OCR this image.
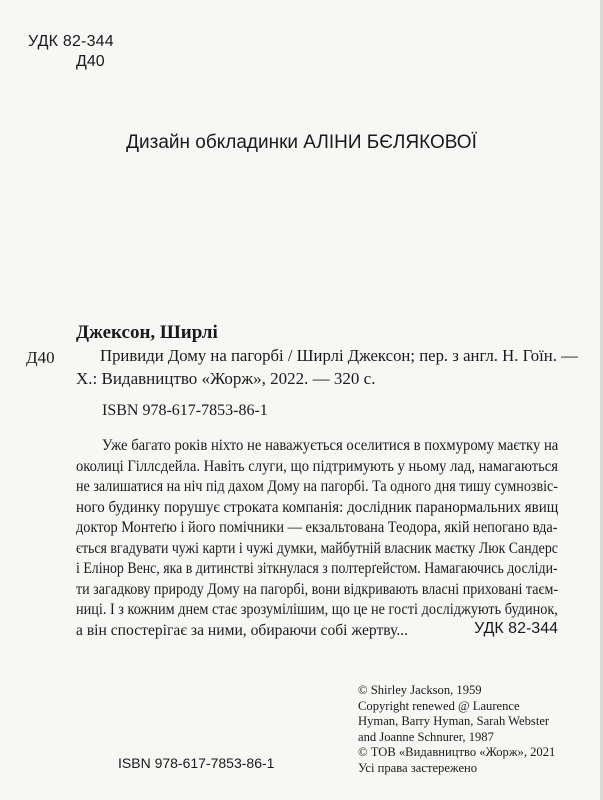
УДК 82-344
Д40
Дизайн обкладинки АЛІНИ БЄЛЯКОВОЇ
Джексон, Ширлі
Д40	Привиди Дому на пагорбі / Ширлі Джексон; пер. з англ. Н. Гоїн. —
Х.: Видавництво «Жорж», 2022. — 320 с.
ISBN 978-617-7853-86-1
Уже багато років ніхто не наважується оселитися в похмурому маєтку на
околиці Гіллсдейла. Навіть слуги, що підтримують у ньому лад, намагаються
не залишатися на ніч під дахом Дому на пагорбі. Та одного дня тишу сумнозвіс-
ного будинку порушує строката компанія: дослідник паранормальних явищ
доктор Монтеґю і його помічники — екзальтована Теодора, якій непогано вда-
ється вгадувати чужі карти і чужі думки, майбутній власник маєтку Люк Сандерс
і Елінор Венс, яка в дитинстві зіткнулася з полтерґейстом. Намагаючись досліди-
ти загадкову природу Дому на пагорбі, вони відкривають власні приховані таєм-
ниці. І з кожним днем стає зрозумілішим, що це не гості досліджують будинок,
а він спостерігає за ними, обираючи собі жертву...	УДК 82-344
© Shirley Jackson, 1959
Copyright renewed @ Laurence
Hyman, Barry Hyman, Sarah Webster
and Joanne Schnurer, 1987
© ТОВ «Видавництво «Жорж», 2021
Усі права застережено
ISBN 978-617-7853-86-1
